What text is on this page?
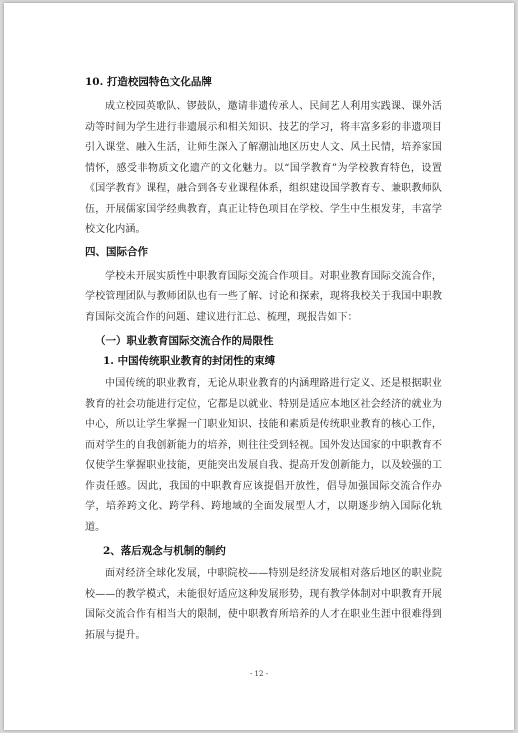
10. 打造校园特色文化品牌

成立校园英歌队、锣鼓队，邀请非遗传承人、民间艺人利用实践课、课外活动等时间为学生进行非遗展示和相关知识、技艺的学习，将丰富多彩的非遗项目引入课堂、融入生活，让师生深入了解潮汕地区历史人文、风土民情，培养家国情怀，感受非物质文化遗产的文化魅力。以“国学教育”为学校教育特色，设置《国学教育》课程，融合到各专业课程体系，组织建设国学教育专、兼职教师队伍，开展儒家国学经典教育，真正让特色项目在学校、学生中生根发芽，丰富学校文化内涵。

四、国际合作

学校未开展实质性中职教育国际交流合作项目。对职业教育国际交流合作，学校管理团队与教师团队也有一些了解、讨论和探索，现将我校关于我国中职教育国际交流合作的问题、建议进行汇总、梳理，现报告如下：

（一）职业教育国际交流合作的局限性
1. 中国传统职业教育的封闭性的束缚

中国传统的职业教育，无论从职业教育的内涵理路进行定义、还是根据职业教育的社会功能进行定位，它都是以就业、特别是适应本地区社会经济的就业为中心，所以让学生掌握一门职业知识、技能和素质是传统职业教育的核心工作，而对学生的自我创新能力的培养，则往往受到轻视。国外发达国家的中职教育不仅使学生掌握职业技能，更能突出发展自我、提高开发创新能力，以及较强的工作责任感。因此，我国的中职教育应该提倡开放性，倡导加强国际交流合作办学，培养跨文化、跨学科、跨地域的全面发展型人才，以期逐步纳入国际化轨道。

2、落后观念与机制的制约

面对经济全球化发展，中职院校——特别是经济发展相对落后地区的职业院校——的教学模式，未能很好适应这种发展形势，现有教学体制对中职教育开展国际交流合作有相当大的限制，使中职教育所培养的人才在职业生涯中很难得到拓展与提升。

- 12 -
